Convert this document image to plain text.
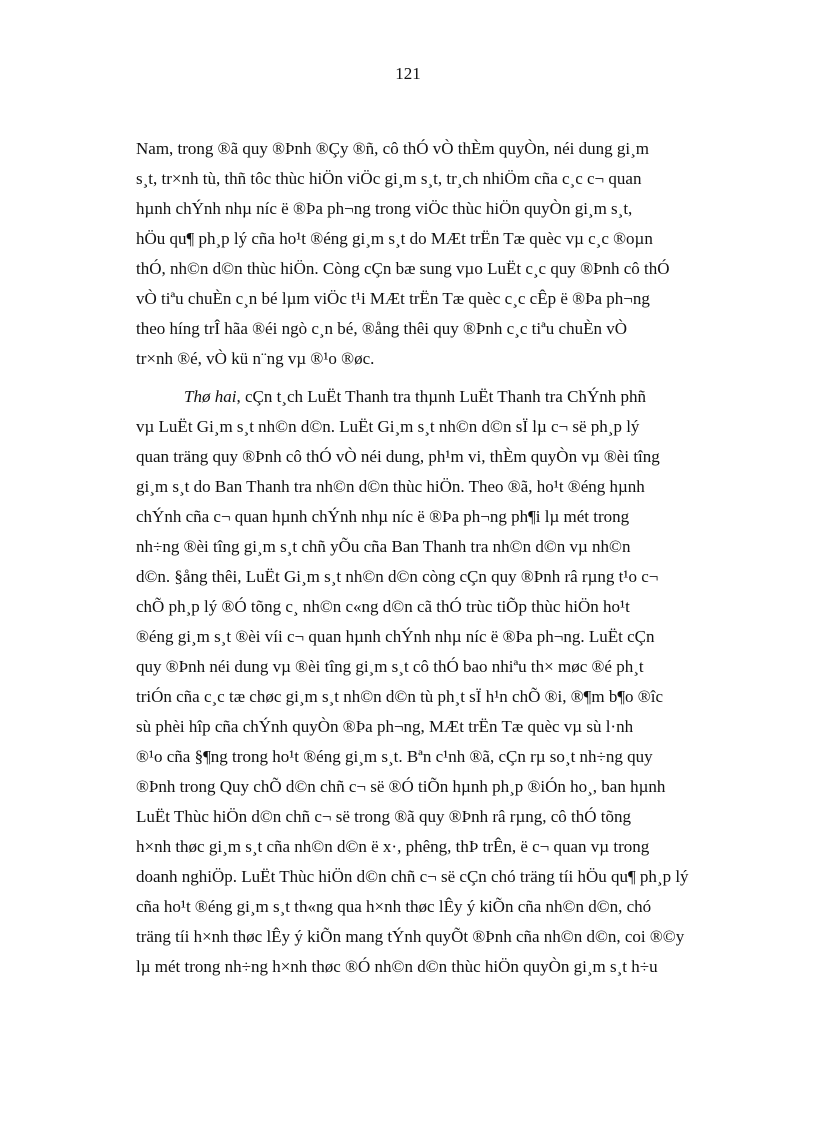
121
Nam, trong ®ã quy ®Þnh ®Çy ®ñ, cô thÓ vÒ thÈm quyÒn, néi dung gi¸m
s¸t, tr×nh tù, thñ tôc thùc hiÖn viÖc gi¸m s¸t, tr¸ch nhiÖm cña c¸c c¬ quan
hµnh chÝnh nhµ níc ë ®Þa ph¬ng trong viÖc thùc hiÖn quyÒn gi¸m s¸t,
hÖu qu¶ ph¸p lý cña ho¹t ®éng gi¸m s¸t do MÆt trËn Tæ quèc vµ c¸c ®oµn
thÓ, nh©n d©n thùc hiÖn. Còng cÇn bæ sung vµo LuËt c¸c quy ®Þnh cô thÓ
vÒ tiªu chuÈn c¸n bé lµm viÖc t¹i MÆt trËn Tæ quèc c¸c cÊp ë ®Þa ph¬ng
theo híng trÎ hãa ®éi ngò c¸n bé, ®ång thêi quy ®Þnh c¸c tiªu chuÈn vÒ
tr×nh ®é, vÒ kü n¨ng vµ ®¹o ®øc.
Thø hai, cÇn t¸ch LuËt Thanh tra thµnh LuËt Thanh tra ChÝnh phñ
vµ LuËt Gi¸m s¸t nh©n d©n. LuËt Gi¸m s¸t nh©n d©n sÏ lµ c¬ së ph¸p lý
quan träng quy ®Þnh cô thÓ vÒ néi dung, ph¹m vi, thÈm quyÒn vµ ®èi tîng
gi¸m s¸t do Ban Thanh tra nh©n d©n thùc hiÖn. Theo ®ã, ho¹t ®éng hµnh
chÝnh cña c¬ quan hµnh chÝnh nhµ níc ë ®Þa ph¬ng ph¶i lµ mét trong
nh÷ng ®èi tîng gi¸m s¸t chñ yÕu cña Ban Thanh tra nh©n d©n vµ nh©n
d©n. §ång thêi, LuËt Gi¸m s¸t nh©n d©n còng cÇn quy ®Þnh râ rµng t¹o c¬
chÕ ph¸p lý ®Ó tõng c¸ nh©n c«ng d©n cã thÓ trùc tiÕp thùc hiÖn ho¹t
®éng gi¸m s¸t ®èi víi c¬ quan hµnh chÝnh nhµ níc ë ®Þa ph¬ng. LuËt cÇn
quy ®Þnh néi dung vµ ®èi tîng gi¸m s¸t cô thÓ bao nhiªu th× møc ®é ph¸t
triÓn cña c¸c tæ chøc gi¸m s¸t nh©n d©n tù ph¸t sÏ h¹n chÕ ®i, ®¶m b¶o ®îc
sù phèi hîp cña chÝnh quyÒn ®Þa ph¬ng, MÆt trËn Tæ quèc vµ sù l·nh
®¹o cña §¶ng trong ho¹t ®éng gi¸m s¸t. Bªn c¹nh ®ã, cÇn rµ so¸t nh÷ng quy
®Þnh trong Quy chÕ d©n chñ c¬ së ®Ó tiÕn hµnh ph¸p ®iÓn ho¸, ban hµnh
LuËt Thùc hiÖn d©n chñ c¬ së trong ®ã quy ®Þnh râ rµng, cô thÓ tõng
h×nh thøc gi¸m s¸t cña nh©n d©n ë x·, phêng, thÞ trÊn, ë c¬ quan vµ trong
doanh nghiÖp. LuËt Thùc hiÖn d©n chñ c¬ së cÇn chó träng tíi hÖu qu¶ ph¸p lý
cña ho¹t ®éng gi¸m s¸t th«ng qua h×nh thøc lÊy ý kiÕn cña nh©n d©n, chó
träng tíi h×nh thøc lÊy ý kiÕn mang tÝnh quyÕt ®Þnh cña nh©n d©n, coi ®©y
lµ mét trong nh÷ng h×nh thøc ®Ó nh©n d©n thùc hiÖn quyÒn gi¸m s¸t h÷u
